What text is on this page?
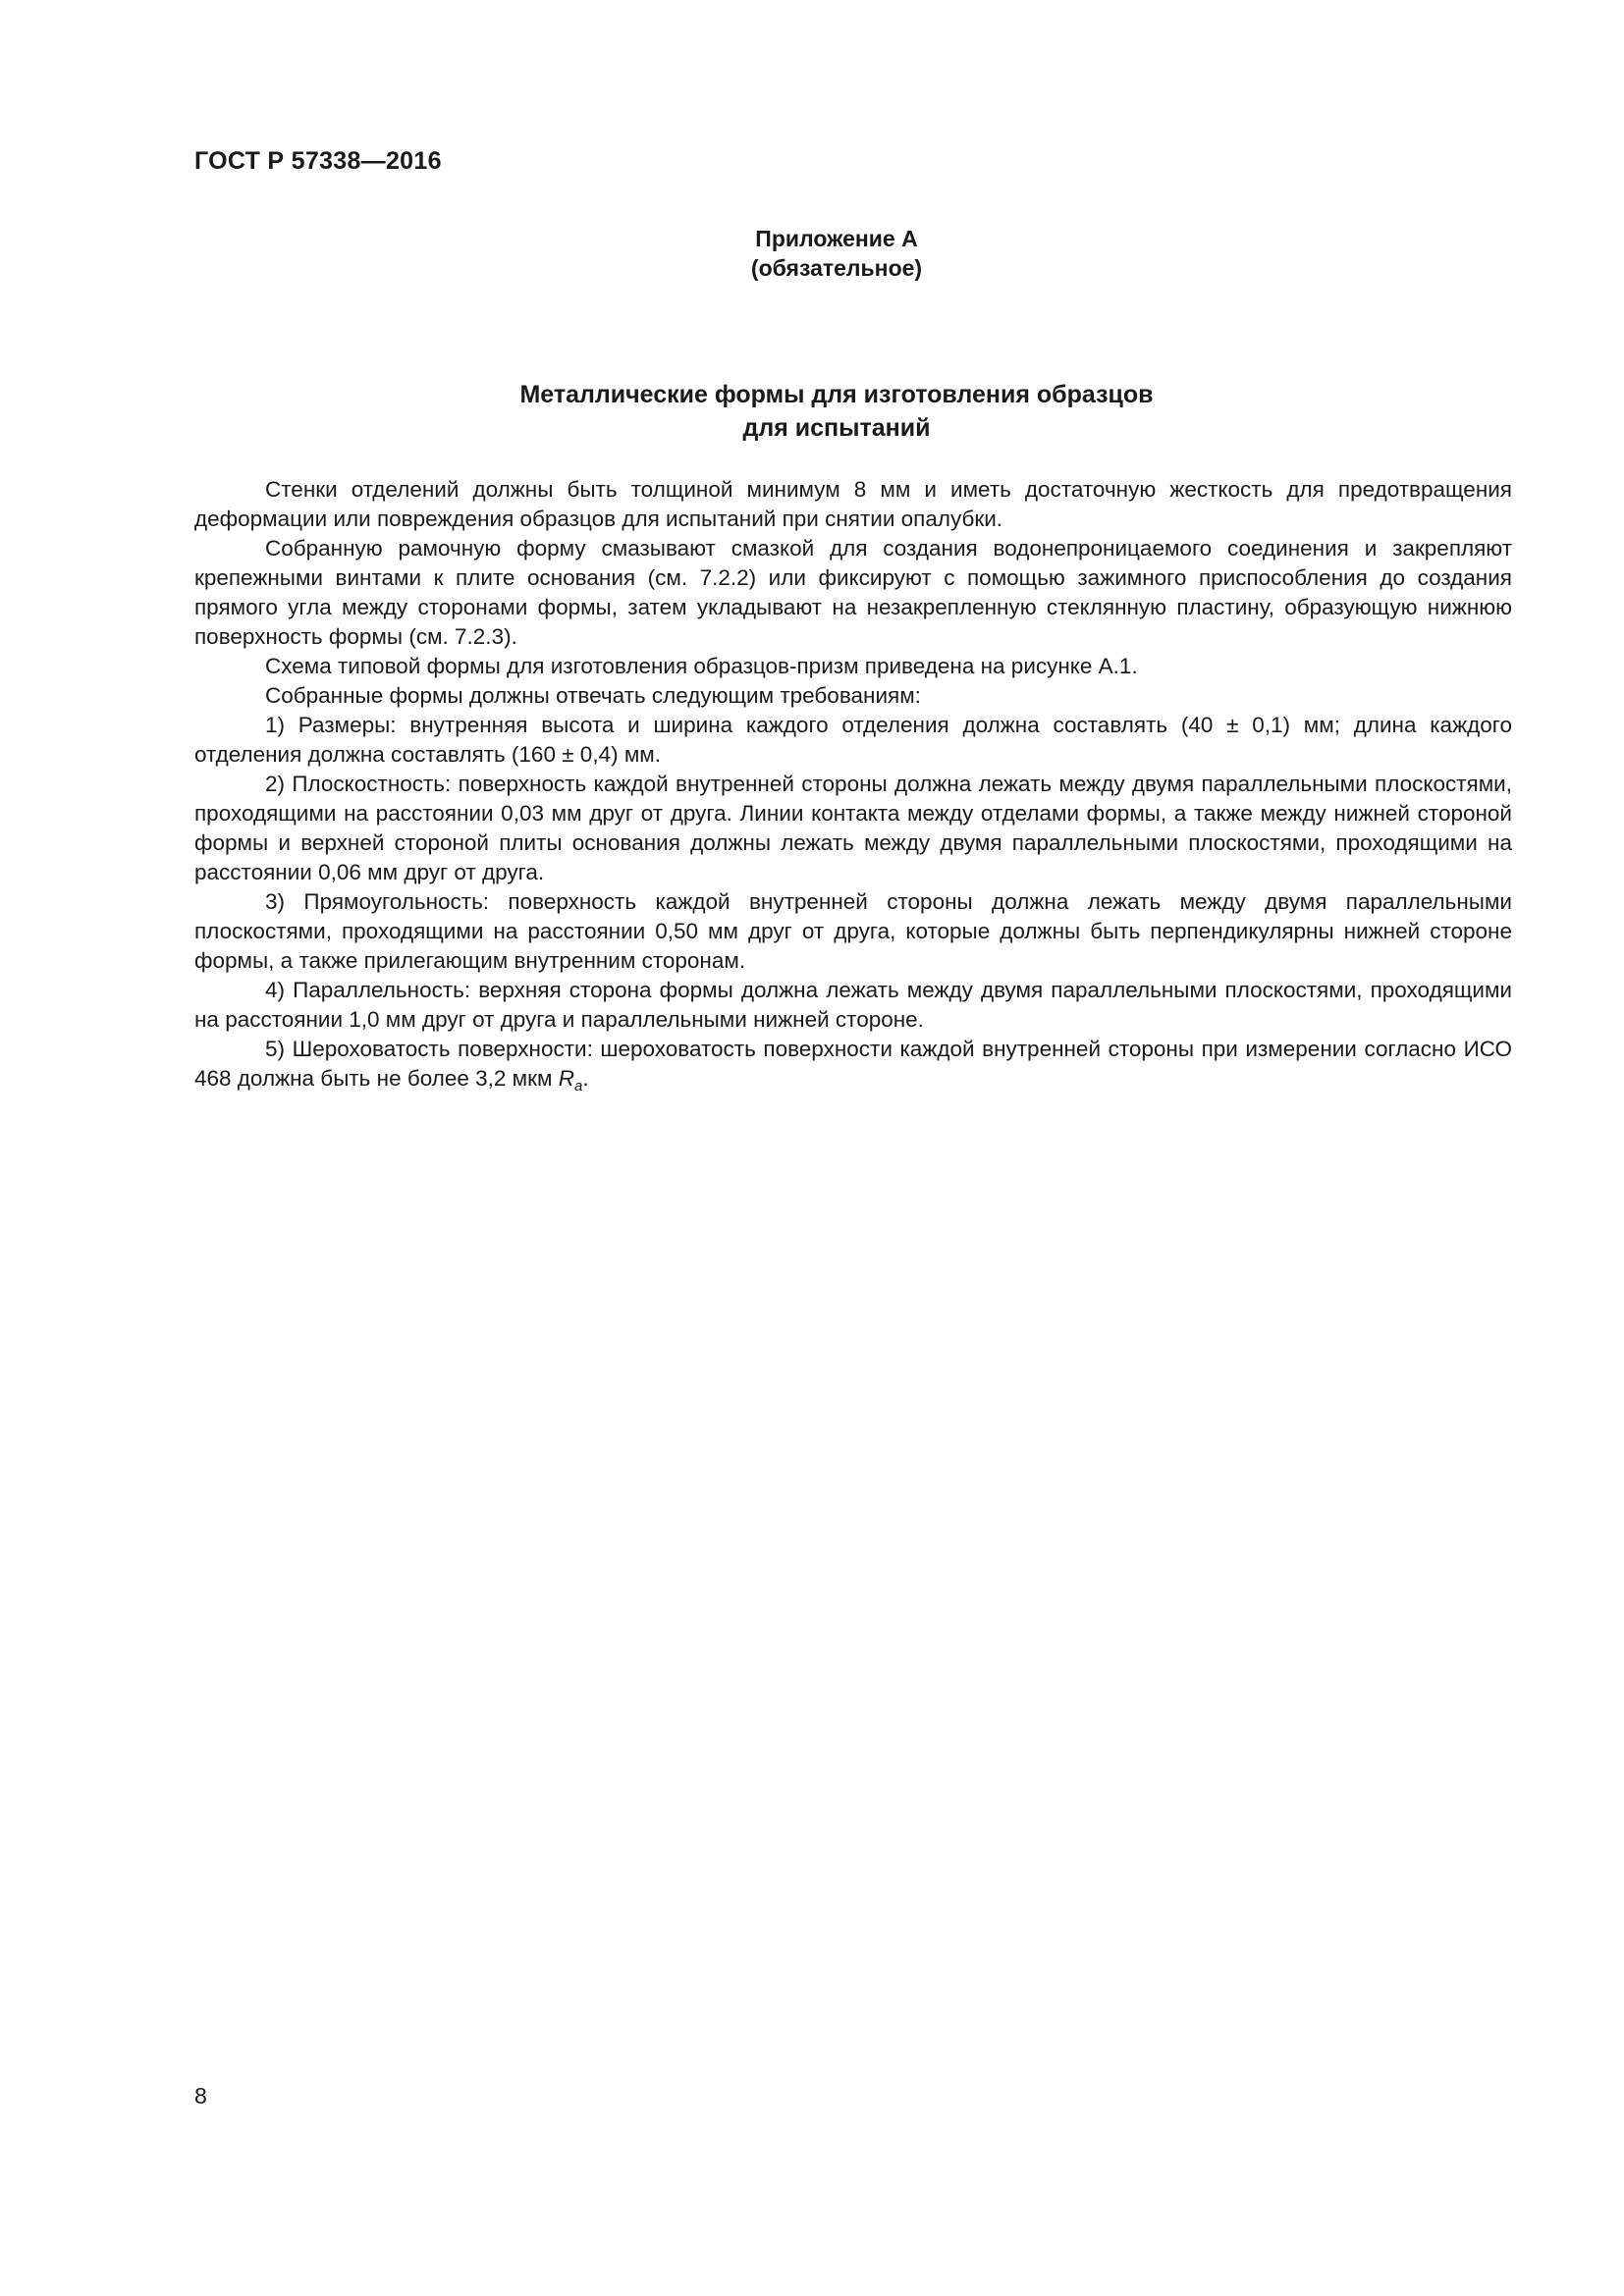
ГОСТ Р 57338—2016
Приложение А
(обязательное)
Металлические формы для изготовления образцов
для испытаний

Стенки отделений должны быть толщиной минимум 8 мм и иметь достаточную жесткость для предотвращения деформации или повреждения образцов для испытаний при снятии опалубки.

Собранную рамочную форму смазывают смазкой для создания водонепроницаемого соединения и закрепляют крепежными винтами к плите основания (см. 7.2.2) или фиксируют с помощью зажимного приспособления до создания прямого угла между сторонами формы, затем укладывают на незакрепленную стеклянную пластину, образующую нижнюю поверхность формы (см. 7.2.3).

Схема типовой формы для изготовления образцов-призм приведена на рисунке А.1.

Собранные формы должны отвечать следующим требованиям:

1) Размеры: внутренняя высота и ширина каждого отделения должна составлять (40 ± 0,1) мм; длина каждого отделения должна составлять (160 ± 0,4) мм.

2) Плоскостность: поверхность каждой внутренней стороны должна лежать между двумя параллельными плоскостями, проходящими на расстоянии 0,03 мм друг от друга. Линии контакта между отделами формы, а также между нижней стороной формы и верхней стороной плиты основания должны лежать между двумя параллельными плоскостями, проходящими на расстоянии 0,06 мм друг от друга.

3) Прямоугольность: поверхность каждой внутренней стороны должна лежать между двумя параллельными плоскостями, проходящими на расстоянии 0,50 мм друг от друга, которые должны быть перпендикулярны нижней стороне формы, а также прилегающим внутренним сторонам.

4) Параллельность: верхняя сторона формы должна лежать между двумя параллельными плоскостями, проходящими на расстоянии 1,0 мм друг от друга и параллельными нижней стороне.

5) Шероховатость поверхности: шероховатость поверхности каждой внутренней стороны при измерении согласно ИСО 468 должна быть не более 3,2 мкм $R_a$.

8
